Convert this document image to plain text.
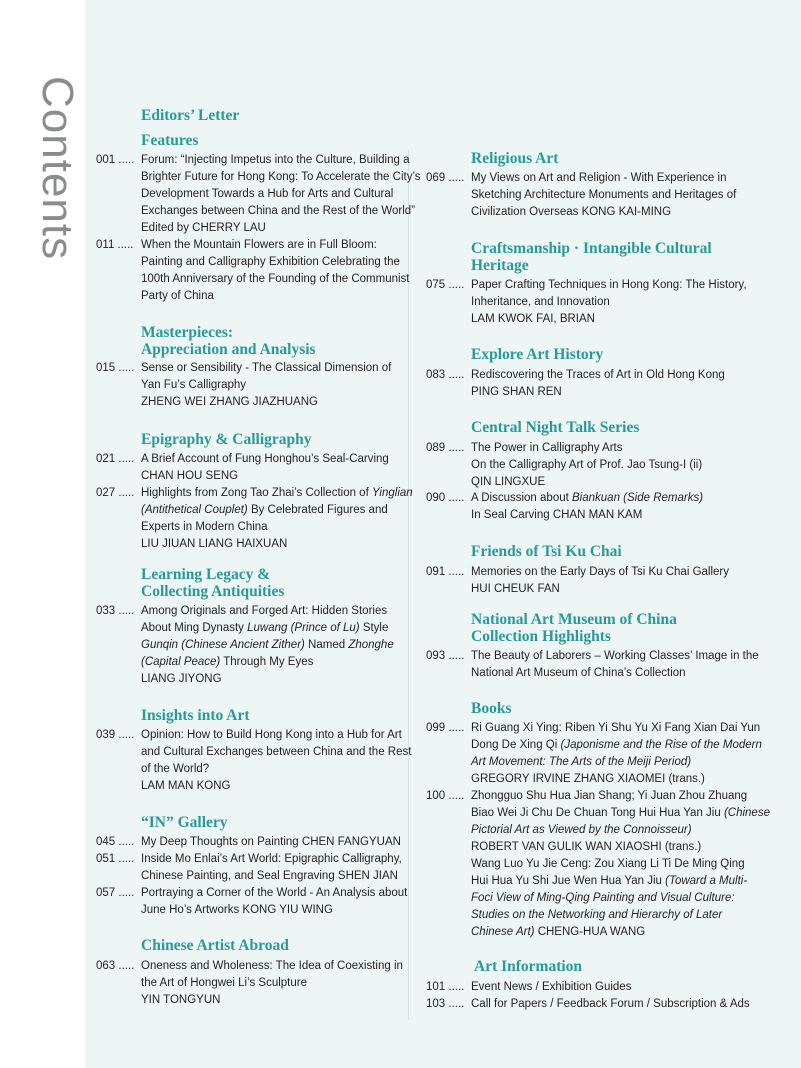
Contents	Editors’ Letter
Features
001 ..... Forum: “Injecting Impetus into the Culture, Building a
Brighter Future for Hong Kong: To Accelerate the City’s
Development Towards a Hub for Arts and Cultural
Exchanges between China and the Rest of the World”
Edited by CHERRY LAU
011 ..... When the Mountain Flowers are in Full Bloom:
Painting and Calligraphy Exhibition Celebrating the
100th Anniversary of the Founding of the Communist
Party of China
Masterpieces:
Appreciation and Analysis
015 ..... Sense or Sensibility - The Classical Dimension of
Yan Fu’s Calligraphy
ZHENG WEI ZHANG JIAZHUANG
Epigraphy & Calligraphy
021 ..... A Brief Account of Fung Honghou’s Seal-Carving
CHAN HOU SENG
027 ..... Highlights from Zong Tao Zhai’s Collection of Yinglian
(Antithetical Couplet) By Celebrated Figures and
Experts in Modern China
LIU JIUAN LIANG HAIXUAN
Learning Legacy &
Collecting Antiquities
033 ..... Among Originals and Forged Art: Hidden Stories
About Ming Dynasty Luwang (Prince of Lu) Style
Gunqin (Chinese Ancient Zither) Named Zhonghe
(Capital Peace) Through My Eyes
LIANG JIYONG
Insights into Art
039 ..... Opinion: How to Build Hong Kong into a Hub for Art
and Cultural Exchanges between China and the Rest
of the World?
LAM MAN KONG
“IN” Gallery
045 ..... My Deep Thoughts on Painting CHEN FANGYUAN
051 ..... Inside Mo Enlai’s Art World: Epigraphic Calligraphy,
Chinese Painting, and Seal Engraving SHEN JIAN
057 ..... Portraying a Corner of the World - An Analysis about
June Ho’s Artworks KONG YIU WING
Chinese Artist Abroad
063 ..... Oneness and Wholeness: The Idea of Coexisting in
the Art of Hongwei Li’s Sculpture
YIN TONGYUN
Religious Art
069 ..... My Views on Art and Religion - With Experience in
Sketching Architecture Monuments and Heritages of
Civilization Overseas KONG KAI-MING
Craftsmanship · Intangible Cultural
Heritage
075 ..... Paper Crafting Techniques in Hong Kong: The History,
Inheritance, and Innovation
LAM KWOK FAI, BRIAN
Explore Art History
083 ..... Rediscovering the Traces of Art in Old Hong Kong
PING SHAN REN
Central Night Talk Series
089 ..... The Power in Calligraphy Arts
On the Calligraphy Art of Prof. Jao Tsung-I (ii)
QIN LINGXUE
090 ..... A Discussion about Biankuan (Side Remarks)
In Seal Carving CHAN MAN KAM
Friends of Tsi Ku Chai
091 ..... Memories on the Early Days of Tsi Ku Chai Gallery
HUI CHEUK FAN
National Art Museum of China
Collection Highlights
093 ..... The Beauty of Laborers – Working Classes’ Image in the
National Art Museum of China’s Collection
Books
099 ..... Ri Guang Xi Ying: Riben Yi Shu Yu Xi Fang Xian Dai Yun
Dong De Xing Qi (Japonisme and the Rise of the Modern
Art Movement: The Arts of the Meiji Period)
GREGORY IRVINE ZHANG XIAOMEI (trans.)
100 ..... Zhongguo Shu Hua Jian Shang; Yi Juan Zhou Zhuang
Biao Wei Ji Chu De Chuan Tong Hui Hua Yan Jiu (Chinese
Pictorial Art as Viewed by the Connoisseur)
ROBERT VAN GULIK WAN XIAOSHI (trans.)
Wang Luo Yu Jie Ceng: Zou Xiang Li Ti De Ming Qing
Hui Hua Yu Shi Jue Wen Hua Yan Jiu (Toward a Multi-
Foci View of Ming-Qing Painting and Visual Culture:
Studies on the Networking and Hierarchy of Later
Chinese Art) CHENG-HUA WANG
Art Information
101 ..... Event News / Exhibition Guides
103 ..... Call for Papers / Feedback Forum / Subscription & Ads
